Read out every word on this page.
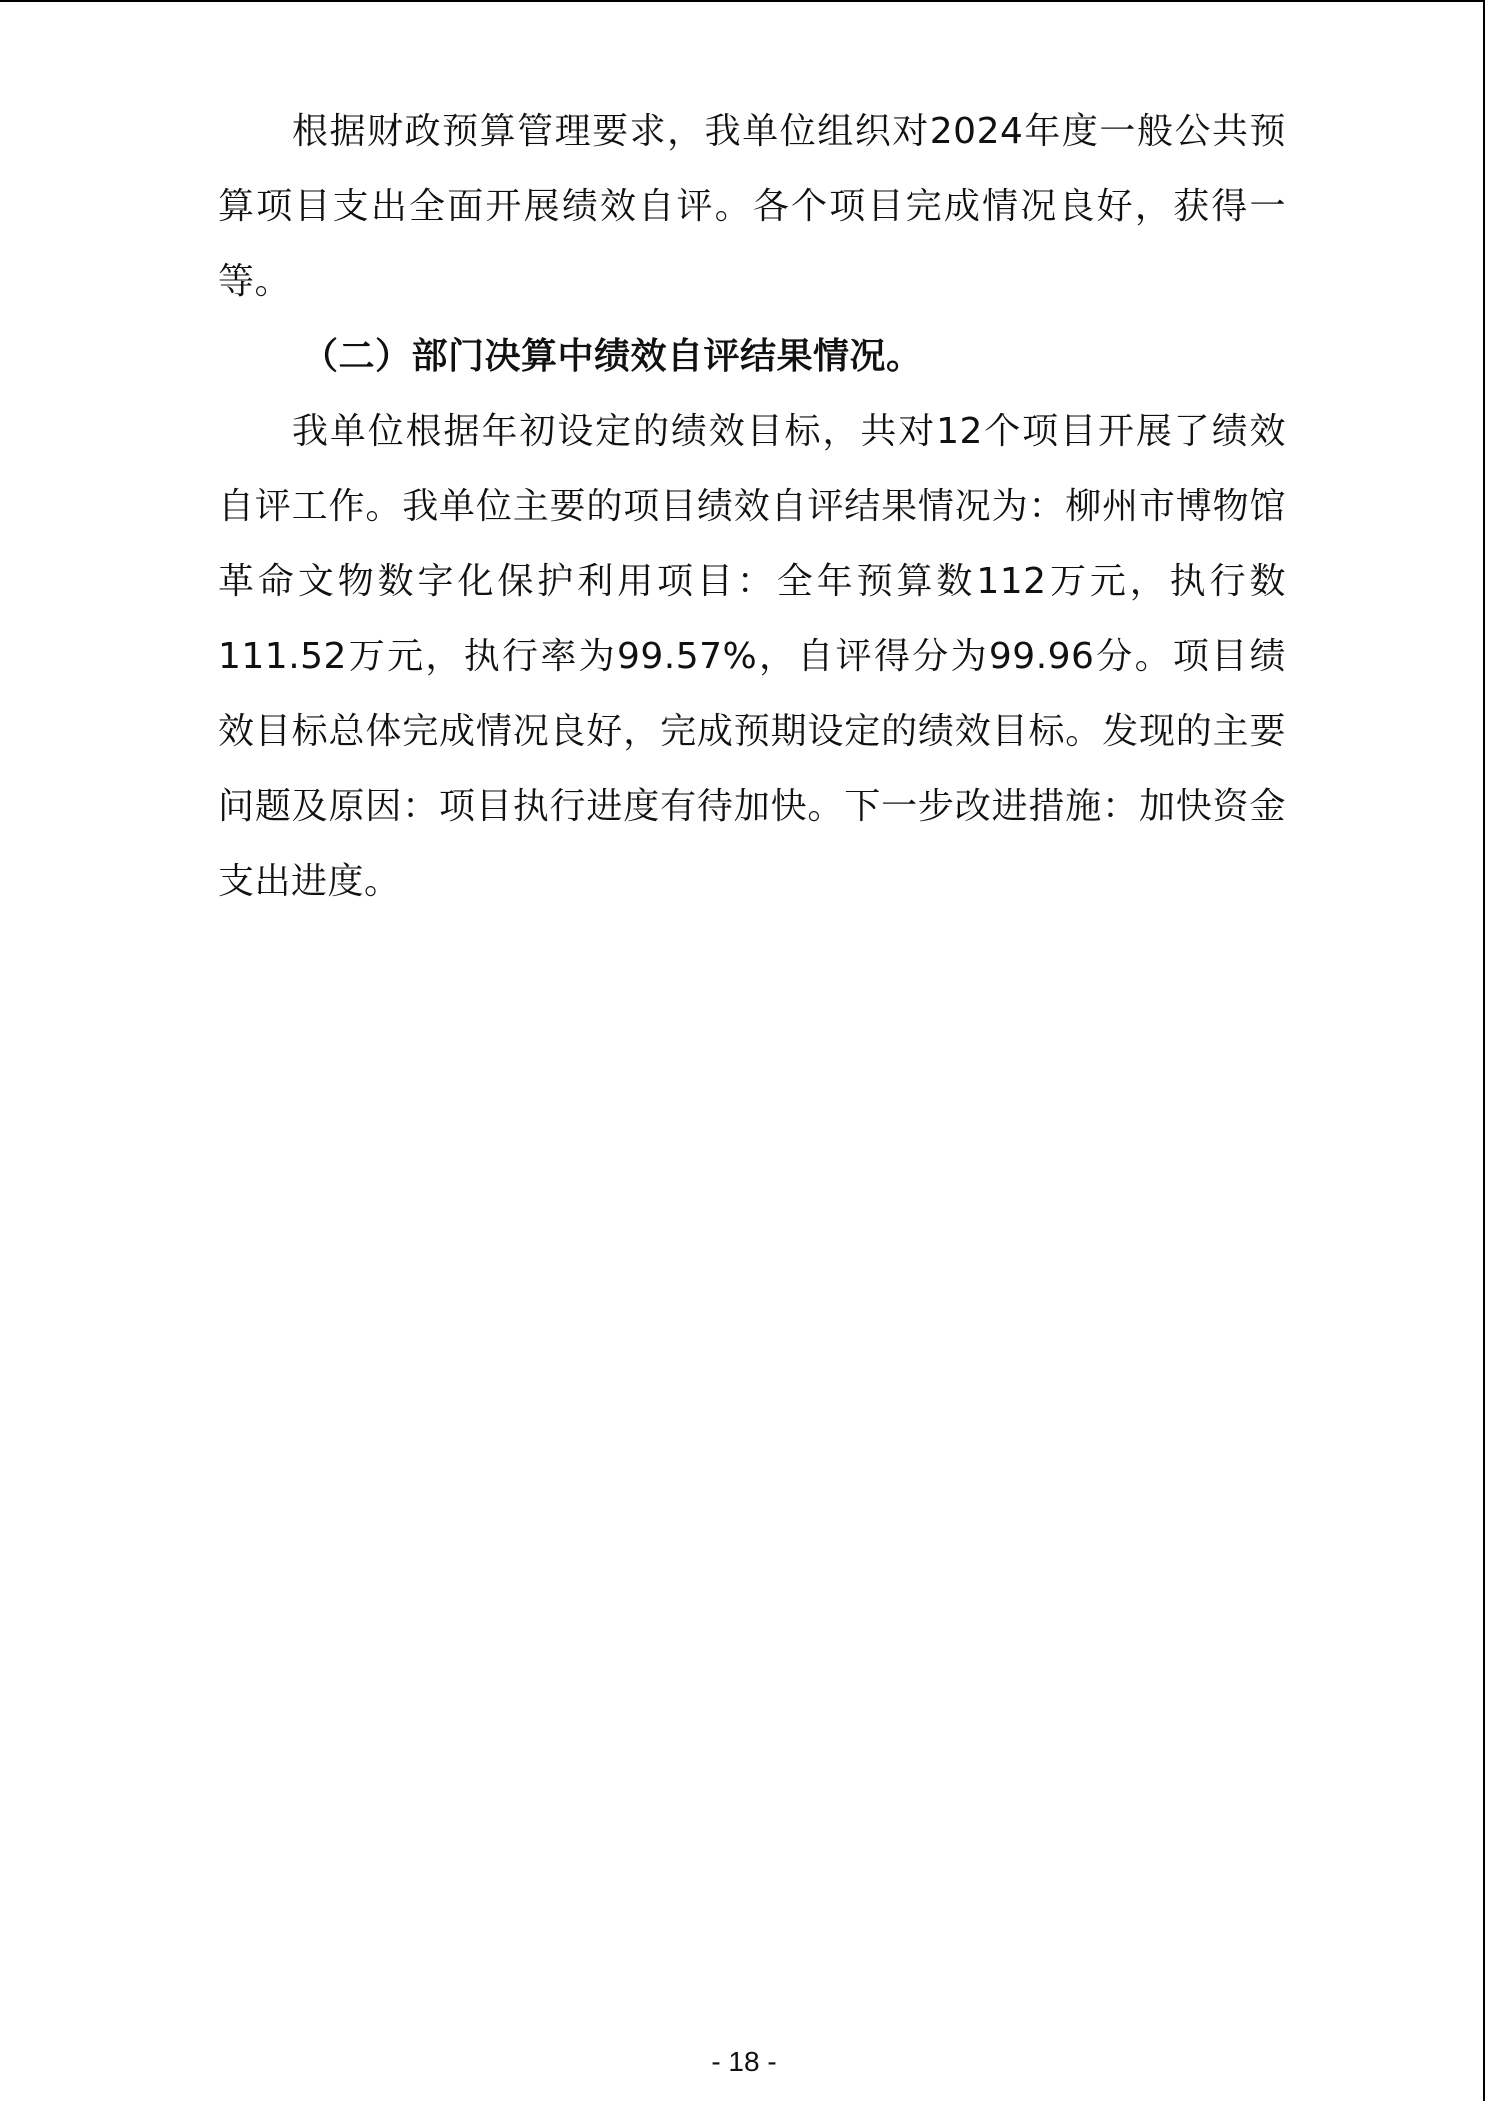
根据财政预算管理要求，我单位组织对2024年度一般公共预算项目支出全面开展绩效自评。各个项目完成情况良好，获得一等。

（二）部门决算中绩效自评结果情况。

我单位根据年初设定的绩效目标，共对12个项目开展了绩效自评工作。我单位主要的项目绩效自评结果情况为：柳州市博物馆革命文物数字化保护利用项目：全年预算数112万元，执行数111.52万元，执行率为99.57%，自评得分为99.96分。项目绩效目标总体完成情况良好，完成预期设定的绩效目标。发现的主要问题及原因：项目执行进度有待加快。下一步改进措施：加快资金支出进度。

- 18 -
